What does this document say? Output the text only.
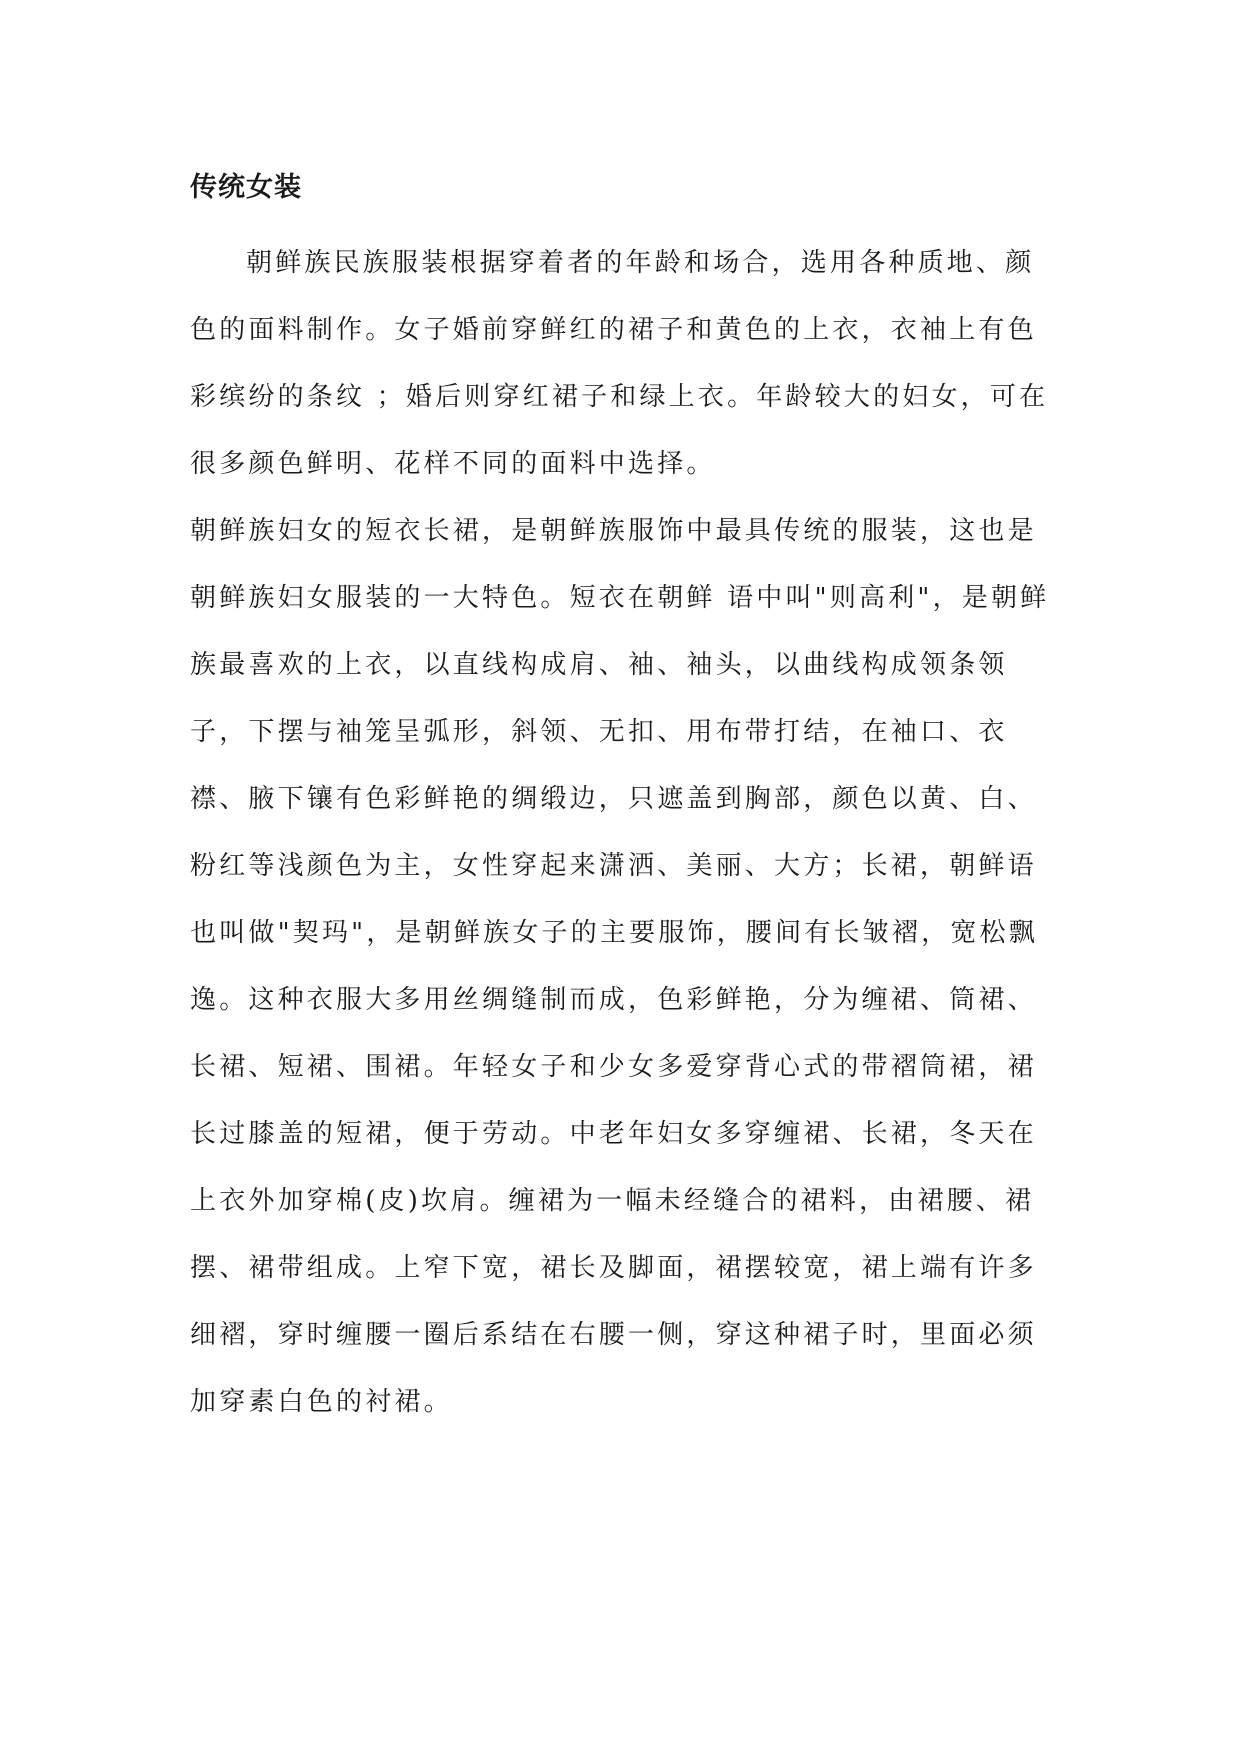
传统女装

朝鲜族民族服装根据穿着者的年龄和场合，选用各种质地、颜

色的面料制作。女子婚前穿鲜红的裙子和黄色的上衣，衣袖上有色

彩缤纷的条纹 ；婚后则穿红裙子和绿上衣。年龄较大的妇女，可在

很多颜色鲜明、花样不同的面料中选择。

朝鲜族妇女的短衣长裙，是朝鲜族服饰中最具传统的服装，这也是

朝鲜族妇女服装的一大特色。短衣在朝鲜 语中叫"则高利"，是朝鲜

族最喜欢的上衣，以直线构成肩、袖、袖头，以曲线构成领条领

子，下摆与袖笼呈弧形，斜领、无扣、用布带打结，在袖口、衣

襟、腋下镶有色彩鲜艳的绸缎边，只遮盖到胸部，颜色以黄、白、

粉红等浅颜色为主，女性穿起来潇洒、美丽、大方；长裙，朝鲜语

也叫做"契玛"，是朝鲜族女子的主要服饰，腰间有长皱褶，宽松飘

逸。这种衣服大多用丝绸缝制而成，色彩鲜艳，分为缠裙、筒裙、

长裙、短裙、围裙。年轻女子和少女多爱穿背心式的带褶筒裙，裙

长过膝盖的短裙，便于劳动。中老年妇女多穿缠裙、长裙，冬天在

上衣外加穿棉(皮)坎肩。缠裙为一幅未经缝合的裙料，由裙腰、裙

摆、裙带组成。上窄下宽，裙长及脚面，裙摆较宽，裙上端有许多

细褶，穿时缠腰一圈后系结在右腰一侧，穿这种裙子时，里面必须

加穿素白色的衬裙。
